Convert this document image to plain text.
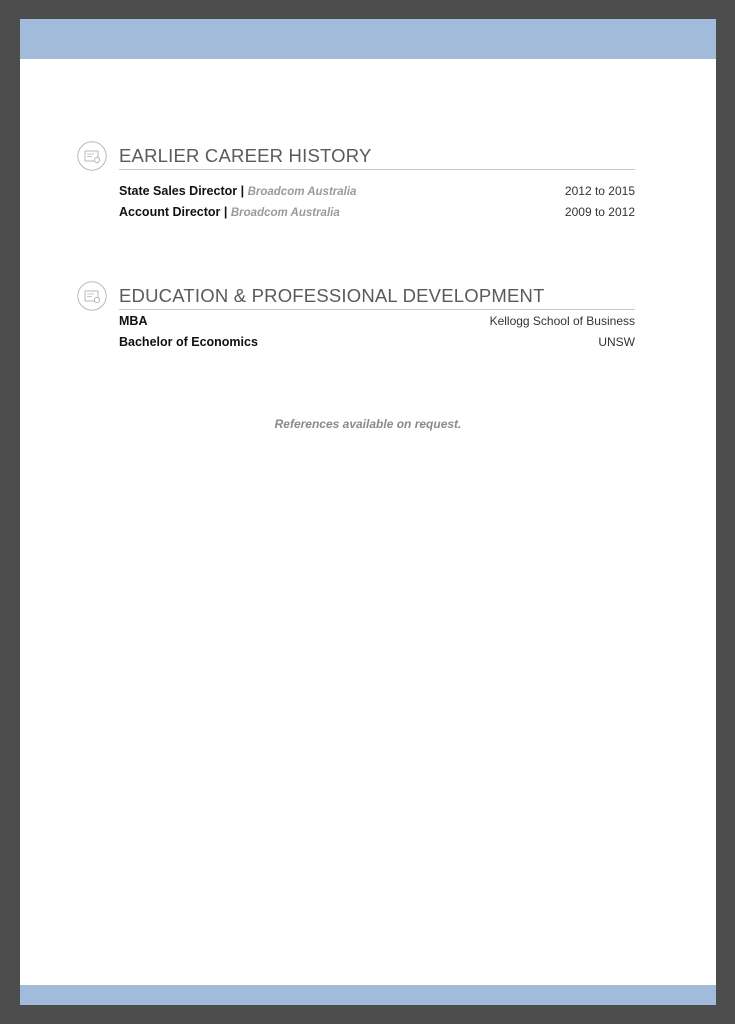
EARLIER CAREER HISTORY
State Sales Director | Broadcom Australia	2012 to 2015
Account Director | Broadcom Australia	2009 to 2012
EDUCATION & PROFESSIONAL DEVELOPMENT
MBA	Kellogg School of Business
Bachelor of Economics	UNSW
References available on request.
